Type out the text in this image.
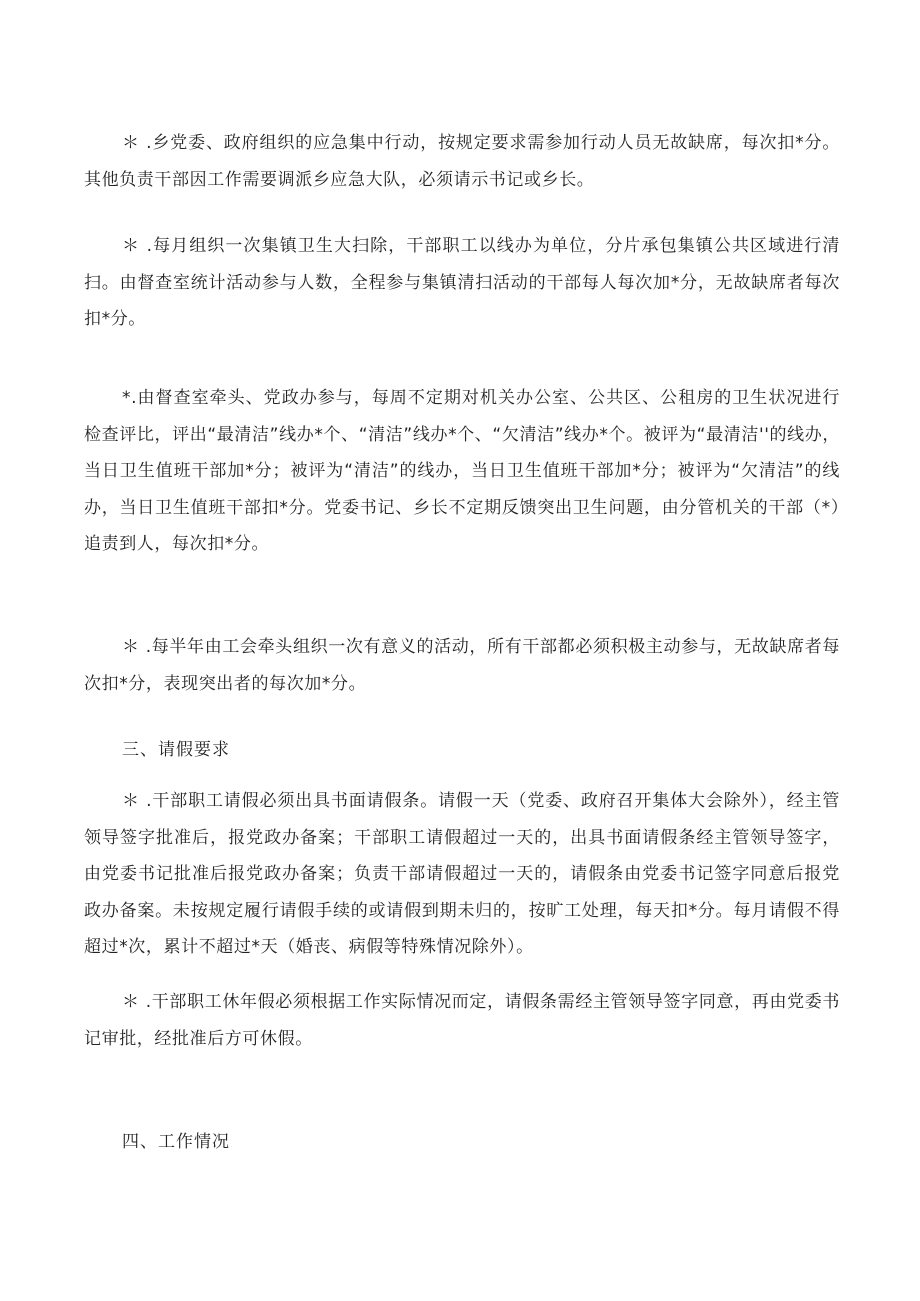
＊ .乡党委、政府组织的应急集中行动，按规定要求需参加行动人员无故缺席，每次扣*分。其他负责干部因工作需要调派乡应急大队，必须请示书记或乡长。

＊ .每月组织一次集镇卫生大扫除，干部职工以线办为单位，分片承包集镇公共区域进行清扫。由督查室统计活动参与人数，全程参与集镇清扫活动的干部每人每次加*分，无故缺席者每次扣*分。

*.由督查室牵头、党政办参与，每周不定期对机关办公室、公共区、公租房的卫生状况进行检查评比，评出“最清洁”线办*个、“清洁”线办*个、“欠清洁”线办*个。被评为“最清洁''的线办，当日卫生值班干部加*分；被评为“清洁”的线办，当日卫生值班干部加*分；被评为“欠清洁”的线办，当日卫生值班干部扣*分。党委书记、乡长不定期反馈突出卫生问题，由分管机关的干部（*）追责到人，每次扣*分。

＊ .每半年由工会牵头组织一次有意义的活动，所有干部都必须积极主动参与，无故缺席者每次扣*分，表现突出者的每次加*分。

三、请假要求

＊ .干部职工请假必须出具书面请假条。请假一天（党委、政府召开集体大会除外），经主管领导签字批准后，报党政办备案；干部职工请假超过一天的，出具书面请假条经主管领导签字，由党委书记批准后报党政办备案；负责干部请假超过一天的，请假条由党委书记签字同意后报党政办备案。未按规定履行请假手续的或请假到期未归的，按旷工处理，每天扣*分。每月请假不得超过*次，累计不超过*天（婚丧、病假等特殊情况除外）。

＊ .干部职工休年假必须根据工作实际情况而定，请假条需经主管领导签字同意，再由党委书记审批，经批准后方可休假。

四、工作情况
